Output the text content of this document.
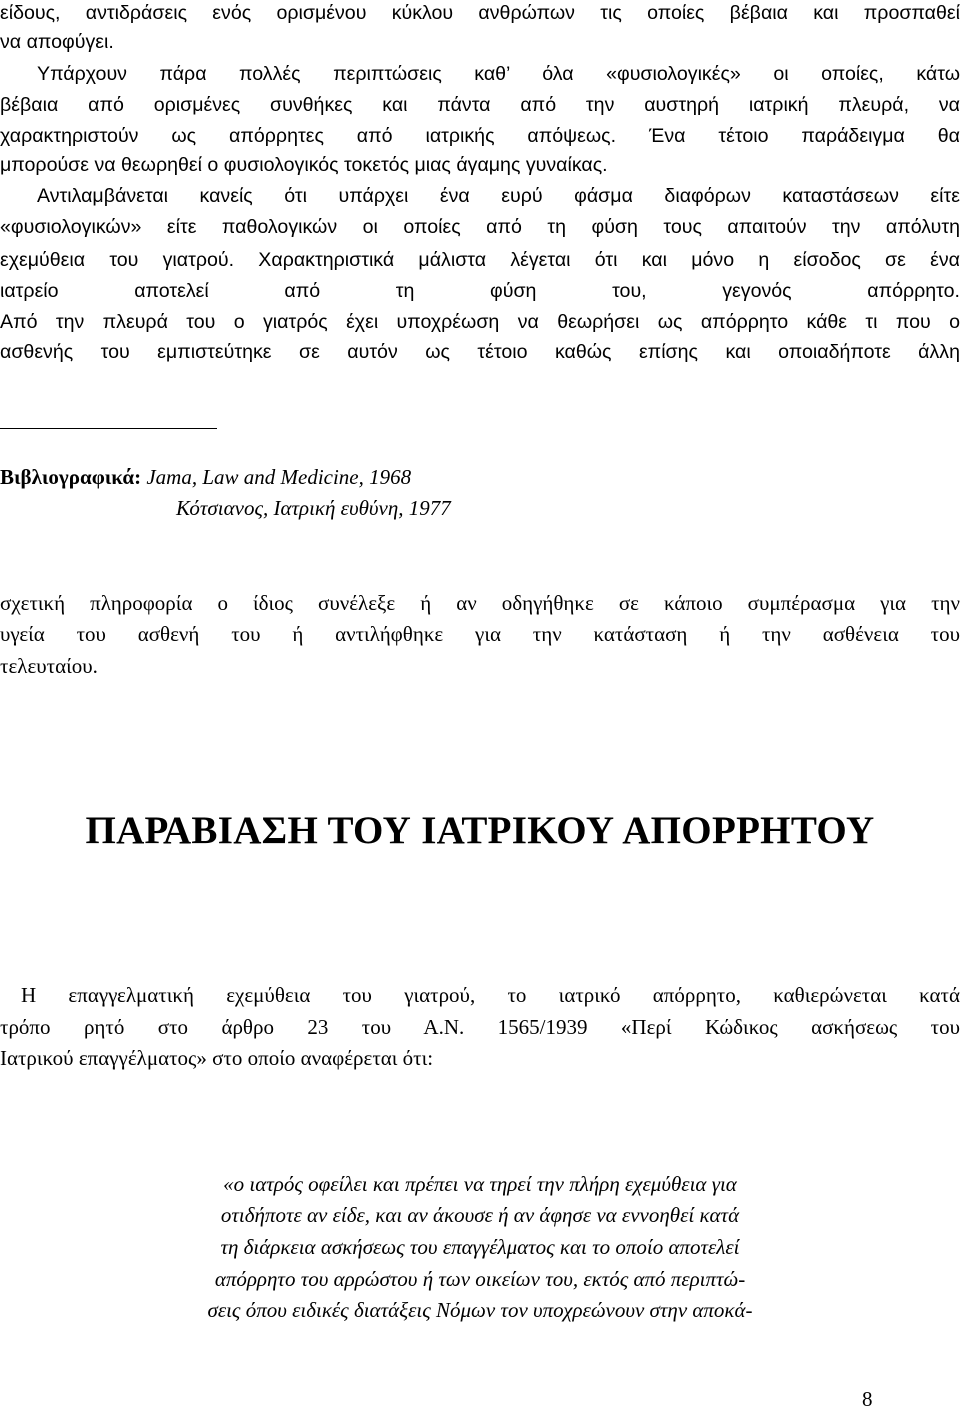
είδους, αντιδράσεις ενός ορισμένου κύκλου ανθρώπων τις οποίες βέβαια και προσπαθεί

να αποφύγει.

Υπάρχουν πάρα πολλές περιπτώσεις καθ’ όλα «φυσιολογικές» οι οποίες, κάτω

βέβαια από ορισμένες συνθήκες και πάντα από την αυστηρή ιατρική πλευρά, να

χαρακτηριστούν ως απόρρητες από ιατρικής απόψεως. Ένα τέτοιο παράδειγμα θα

μπορούσε να θεωρηθεί ο φυσιολογικός τοκετός μιας άγαμης γυναίκας.

Αντιλαμβάνεται κανείς ότι υπάρχει ένα ευρύ φάσμα διαφόρων καταστάσεων είτε

«φυσιολογικών» είτε παθολογικών οι οποίες από τη φύση τους απαιτούν την απόλυτη

εχεμύθεια του γιατρού. Χαρακτηριστικά μάλιστα λέγεται ότι και μόνο η είσοδος σε ένα

ιατρείο αποτελεί από τη φύση του, γεγονός απόρρητο.

Από την πλευρά του ο γιατρός έχει υποχρέωση να θεωρήσει ως απόρρητο κάθε τι που ο

ασθενής του εμπιστεύτηκε σε αυτόν ως τέτοιο καθώς επίσης και οποιαδήποτε άλλη

Βιβλιογραφικά: Jama, Law and Medicine, 1968

Κότσιανος, Ιατρική ευθύνη, 1977

σχετική πληροφορία ο ίδιος συνέλεξε ή αν οδηγήθηκε σε κάποιο συμπέρασμα για την

υγεία του ασθενή του ή αντιλήφθηκε για την κατάσταση ή την ασθένεια του

τελευταίου.

ΠΑΡΑΒΙΑΣΗ ΤΟΥ ΙΑΤΡΙΚΟΥ ΑΠΟΡΡΗΤΟΥ

Η επαγγελματική εχεμύθεια του γιατρού, το ιατρικό απόρρητο, καθιερώνεται κατά

τρόπο ρητό στο άρθρο 23 του Α.Ν. 1565/1939 «Περί Κώδικος ασκήσεως του

Ιατρικού επαγγέλματος» στο οποίο αναφέρεται ότι:

«ο ιατρός οφείλει και πρέπει να τηρεί την πλήρη εχεμύθεια για

οτιδήποτε αν είδε, και αν άκουσε ή αν άφησε να εννοηθεί κατά

τη διάρκεια ασκήσεως του επαγγέλματος και το οποίο αποτελεί

απόρρητο του αρρώστου ή των οικείων του, εκτός από περιπτώ-

σεις όπου ειδικές διατάξεις Νόμων τον υποχρεώνουν στην αποκά-

8
